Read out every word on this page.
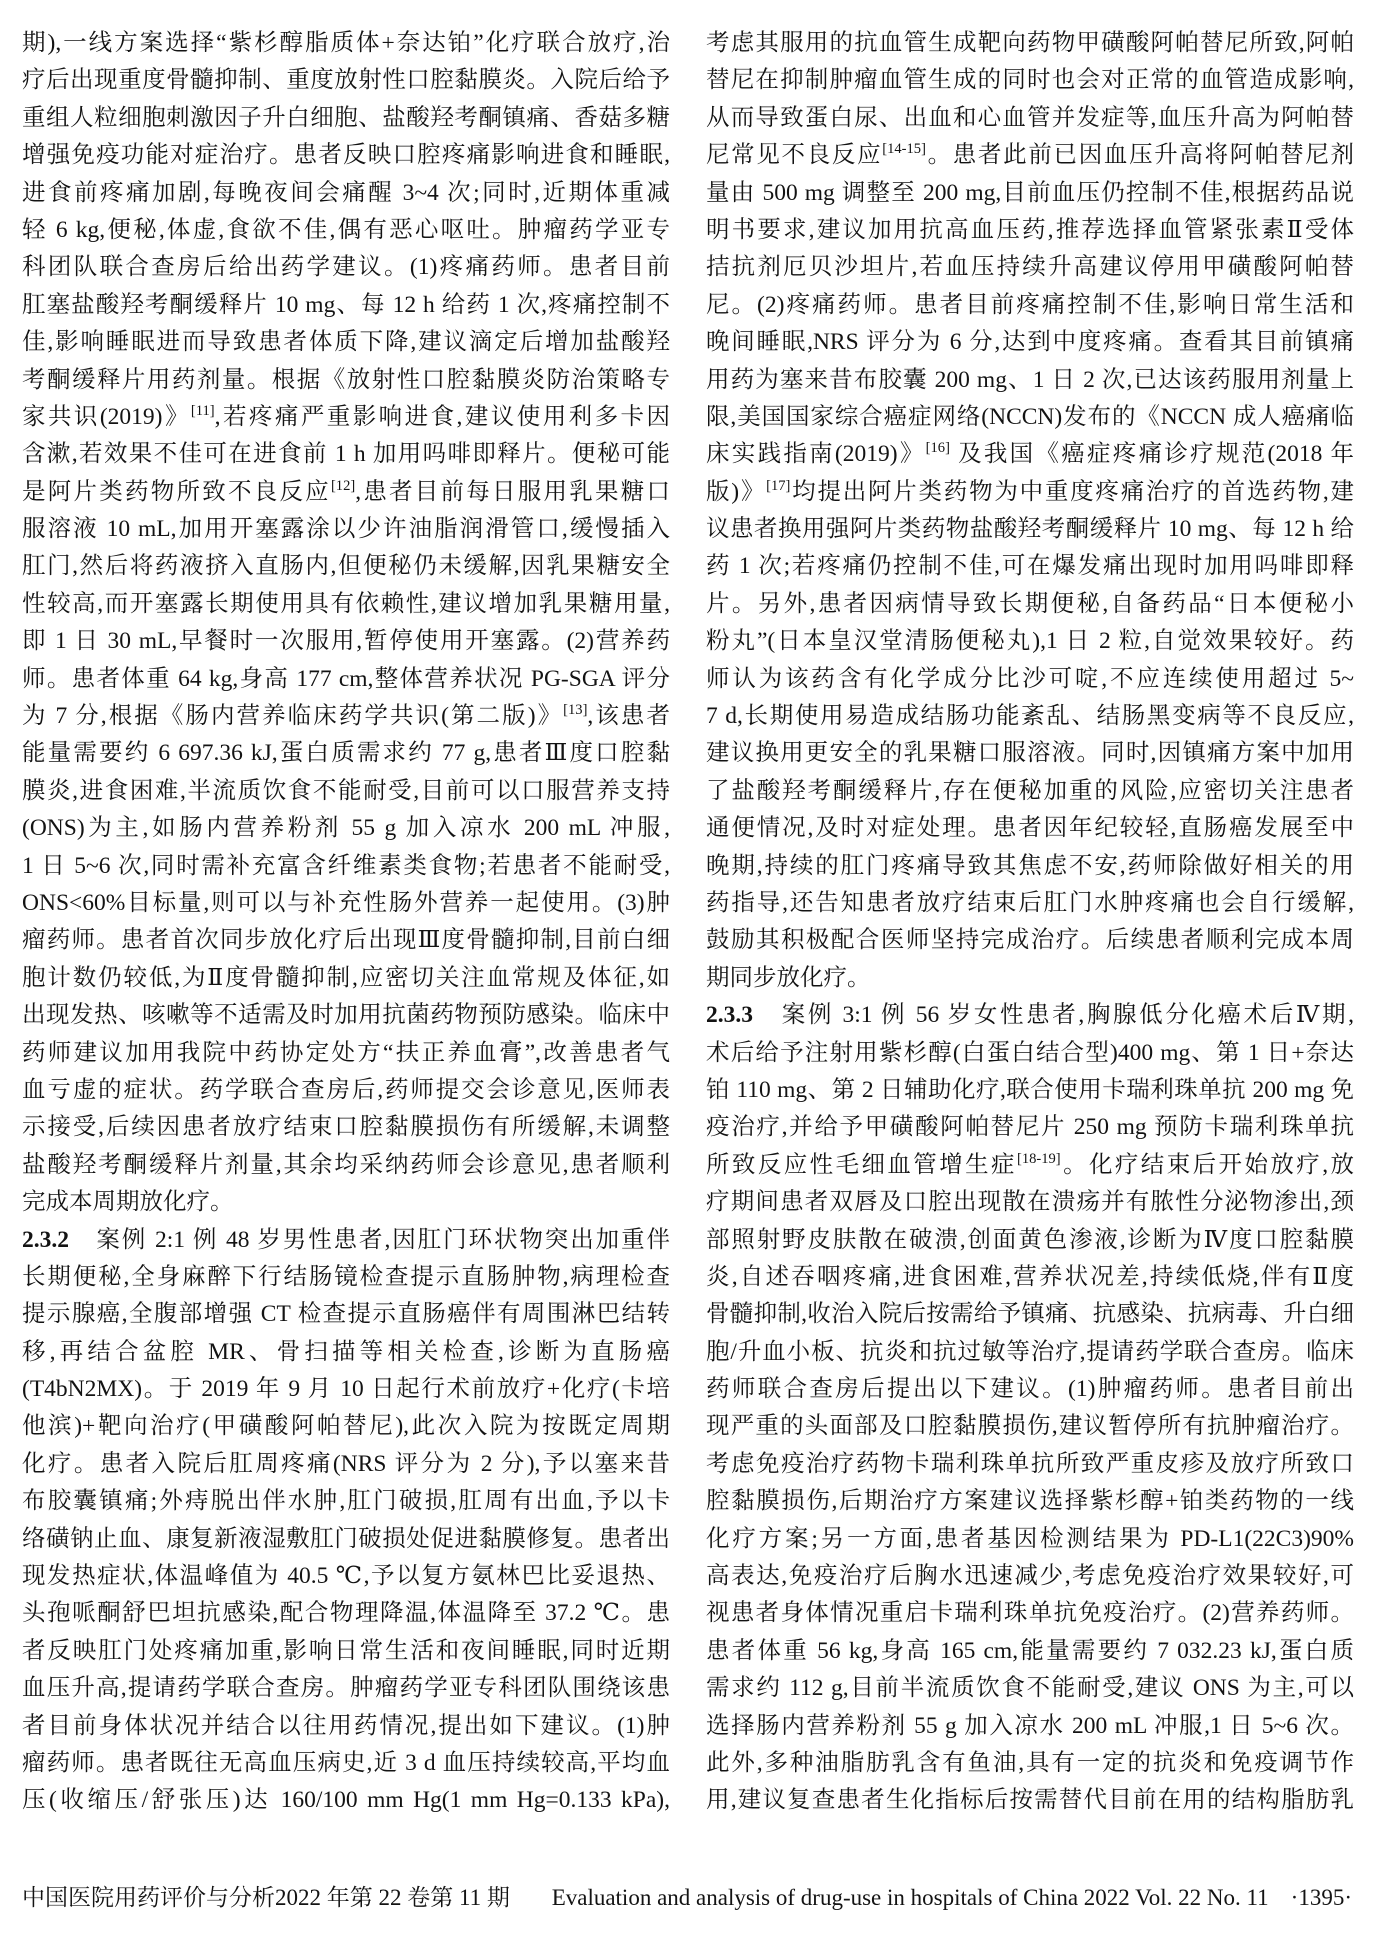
期),一线方案选择“紫杉醇脂质体+奈达铂”化疗联合放疗,治
疗后出现重度骨髓抑制、重度放射性口腔黏膜炎。入院后给予
重组人粒细胞刺激因子升白细胞、盐酸羟考酮镇痛、香菇多糖
增强免疫功能对症治疗。患者反映口腔疼痛影响进食和睡眠,
进食前疼痛加剧,每晚夜间会痛醒 3~4 次;同时,近期体重减
轻 6 kg,便秘,体虚,食欲不佳,偶有恶心呕吐。肿瘤药学亚专
科团队联合查房后给出药学建议。(1)疼痛药师。患者目前
肛塞盐酸羟考酮缓释片 10 mg、每 12 h 给药 1 次,疼痛控制不
佳,影响睡眠进而导致患者体质下降,建议滴定后增加盐酸羟
考酮缓释片用药剂量。根据《放射性口腔黏膜炎防治策略专
家共识(2019)》[11],若疼痛严重影响进食,建议使用利多卡因
含漱,若效果不佳可在进食前 1 h 加用吗啡即释片。便秘可能
是阿片类药物所致不良反应[12],患者目前每日服用乳果糖口
服溶液 10 mL,加用开塞露涂以少许油脂润滑管口,缓慢插入
肛门,然后将药液挤入直肠内,但便秘仍未缓解,因乳果糖安全
性较高,而开塞露长期使用具有依赖性,建议增加乳果糖用量,
即 1 日 30 mL,早餐时一次服用,暂停使用开塞露。(2)营养药
师。患者体重 64 kg,身高 177 cm,整体营养状况 PG-SGA 评分
为 7 分,根据《肠内营养临床药学共识(第二版)》[13],该患者
能量需要约 6 697.36 kJ,蛋白质需求约 77 g,患者Ⅲ度口腔黏
膜炎,进食困难,半流质饮食不能耐受,目前可以口服营养支持
(ONS)为主,如肠内营养粉剂 55 g 加入凉水 200 mL 冲服,
1 日 5~6 次,同时需补充富含纤维素类食物;若患者不能耐受,
ONS<60%目标量,则可以与补充性肠外营养一起使用。(3)肿
瘤药师。患者首次同步放化疗后出现Ⅲ度骨髓抑制,目前白细
胞计数仍较低,为Ⅱ度骨髓抑制,应密切关注血常规及体征,如
出现发热、咳嗽等不适需及时加用抗菌药物预防感染。临床中
药师建议加用我院中药协定处方“扶正养血膏”,改善患者气
血亏虚的症状。药学联合查房后,药师提交会诊意见,医师表
示接受,后续因患者放疗结束口腔黏膜损伤有所缓解,未调整
盐酸羟考酮缓释片剂量,其余均采纳药师会诊意见,患者顺利
完成本周期放化疗。
2.3.2　案例 2:1 例 48 岁男性患者,因肛门环状物突出加重伴
长期便秘,全身麻醉下行结肠镜检查提示直肠肿物,病理检查
提示腺癌,全腹部增强 CT 检查提示直肠癌伴有周围淋巴结转
移,再结合盆腔 MR、骨扫描等相关检查,诊断为直肠癌
(T4bN2MX)。于 2019 年 9 月 10 日起行术前放疗+化疗(卡培
他滨)+靶向治疗(甲磺酸阿帕替尼),此次入院为按既定周期
化疗。患者入院后肛周疼痛(NRS 评分为 2 分),予以塞来昔
布胶囊镇痛;外痔脱出伴水肿,肛门破损,肛周有出血,予以卡
络磺钠止血、康复新液湿敷肛门破损处促进黏膜修复。患者出
现发热症状,体温峰值为 40.5 ℃,予以复方氨林巴比妥退热、
头孢哌酮舒巴坦抗感染,配合物理降温,体温降至 37.2 ℃。患
者反映肛门处疼痛加重,影响日常生活和夜间睡眠,同时近期
血压升高,提请药学联合查房。肿瘤药学亚专科团队围绕该患
者目前身体状况并结合以往用药情况,提出如下建议。(1)肿
瘤药师。患者既往无高血压病史,近 3 d 血压持续较高,平均血
压(收缩压/舒张压)达 160/100 mm Hg(1 mm Hg=0.133 kPa),
考虑其服用的抗血管生成靶向药物甲磺酸阿帕替尼所致,阿帕
替尼在抑制肿瘤血管生成的同时也会对正常的血管造成影响,
从而导致蛋白尿、出血和心血管并发症等,血压升高为阿帕替
尼常见不良反应[14-15]。患者此前已因血压升高将阿帕替尼剂
量由 500 mg 调整至 200 mg,目前血压仍控制不佳,根据药品说
明书要求,建议加用抗高血压药,推荐选择血管紧张素Ⅱ受体
拮抗剂厄贝沙坦片,若血压持续升高建议停用甲磺酸阿帕替
尼。(2)疼痛药师。患者目前疼痛控制不佳,影响日常生活和
晚间睡眠,NRS 评分为 6 分,达到中度疼痛。查看其目前镇痛
用药为塞来昔布胶囊 200 mg、1 日 2 次,已达该药服用剂量上
限,美国国家综合癌症网络(NCCN)发布的《NCCN 成人癌痛临
床实践指南(2019)》[16] 及我国《癌症疼痛诊疗规范(2018 年
版)》[17]均提出阿片类药物为中重度疼痛治疗的首选药物,建
议患者换用强阿片类药物盐酸羟考酮缓释片 10 mg、每 12 h 给
药 1 次;若疼痛仍控制不佳,可在爆发痛出现时加用吗啡即释
片。另外,患者因病情导致长期便秘,自备药品“日本便秘小
粉丸”(日本皇汉堂清肠便秘丸),1 日 2 粒,自觉效果较好。药
师认为该药含有化学成分比沙可啶,不应连续使用超过 5~
7 d,长期使用易造成结肠功能紊乱、结肠黑变病等不良反应,
建议换用更安全的乳果糖口服溶液。同时,因镇痛方案中加用
了盐酸羟考酮缓释片,存在便秘加重的风险,应密切关注患者
通便情况,及时对症处理。患者因年纪较轻,直肠癌发展至中
晚期,持续的肛门疼痛导致其焦虑不安,药师除做好相关的用
药指导,还告知患者放疗结束后肛门水肿疼痛也会自行缓解,
鼓励其积极配合医师坚持完成治疗。后续患者顺利完成本周
期同步放化疗。
2.3.3　案例 3:1 例 56 岁女性患者,胸腺低分化癌术后Ⅳ期,
术后给予注射用紫杉醇(白蛋白结合型)400 mg、第 1 日+奈达
铂 110 mg、第 2 日辅助化疗,联合使用卡瑞利珠单抗 200 mg 免
疫治疗,并给予甲磺酸阿帕替尼片 250 mg 预防卡瑞利珠单抗
所致反应性毛细血管增生症[18-19]。化疗结束后开始放疗,放
疗期间患者双唇及口腔出现散在溃疡并有脓性分泌物渗出,颈
部照射野皮肤散在破溃,创面黄色渗液,诊断为Ⅳ度口腔黏膜
炎,自述吞咽疼痛,进食困难,营养状况差,持续低烧,伴有Ⅱ度
骨髓抑制,收治入院后按需给予镇痛、抗感染、抗病毒、升白细
胞/升血小板、抗炎和抗过敏等治疗,提请药学联合查房。临床
药师联合查房后提出以下建议。(1)肿瘤药师。患者目前出
现严重的头面部及口腔黏膜损伤,建议暂停所有抗肿瘤治疗。
考虑免疫治疗药物卡瑞利珠单抗所致严重皮疹及放疗所致口
腔黏膜损伤,后期治疗方案建议选择紫杉醇+铂类药物的一线
化疗方案;另一方面,患者基因检测结果为 PD-L1(22C3)90%
高表达,免疫治疗后胸水迅速减少,考虑免疫治疗效果较好,可
视患者身体情况重启卡瑞利珠单抗免疫治疗。(2)营养药师。
患者体重 56 kg,身高 165 cm,能量需要约 7 032.23 kJ,蛋白质
需求约 112 g,目前半流质饮食不能耐受,建议 ONS 为主,可以
选择肠内营养粉剂 55 g 加入凉水 200 mL 冲服,1 日 5~6 次。
此外,多种油脂肪乳含有鱼油,具有一定的抗炎和免疫调节作
用,建议复查患者生化指标后按需替代目前在用的结构脂肪乳
中国医院用药评价与分析2022 年第 22 卷第 11 期 Evaluation and analysis of drug-use in hospitals of China 2022 Vol. 22 No. 11 ·1395·
